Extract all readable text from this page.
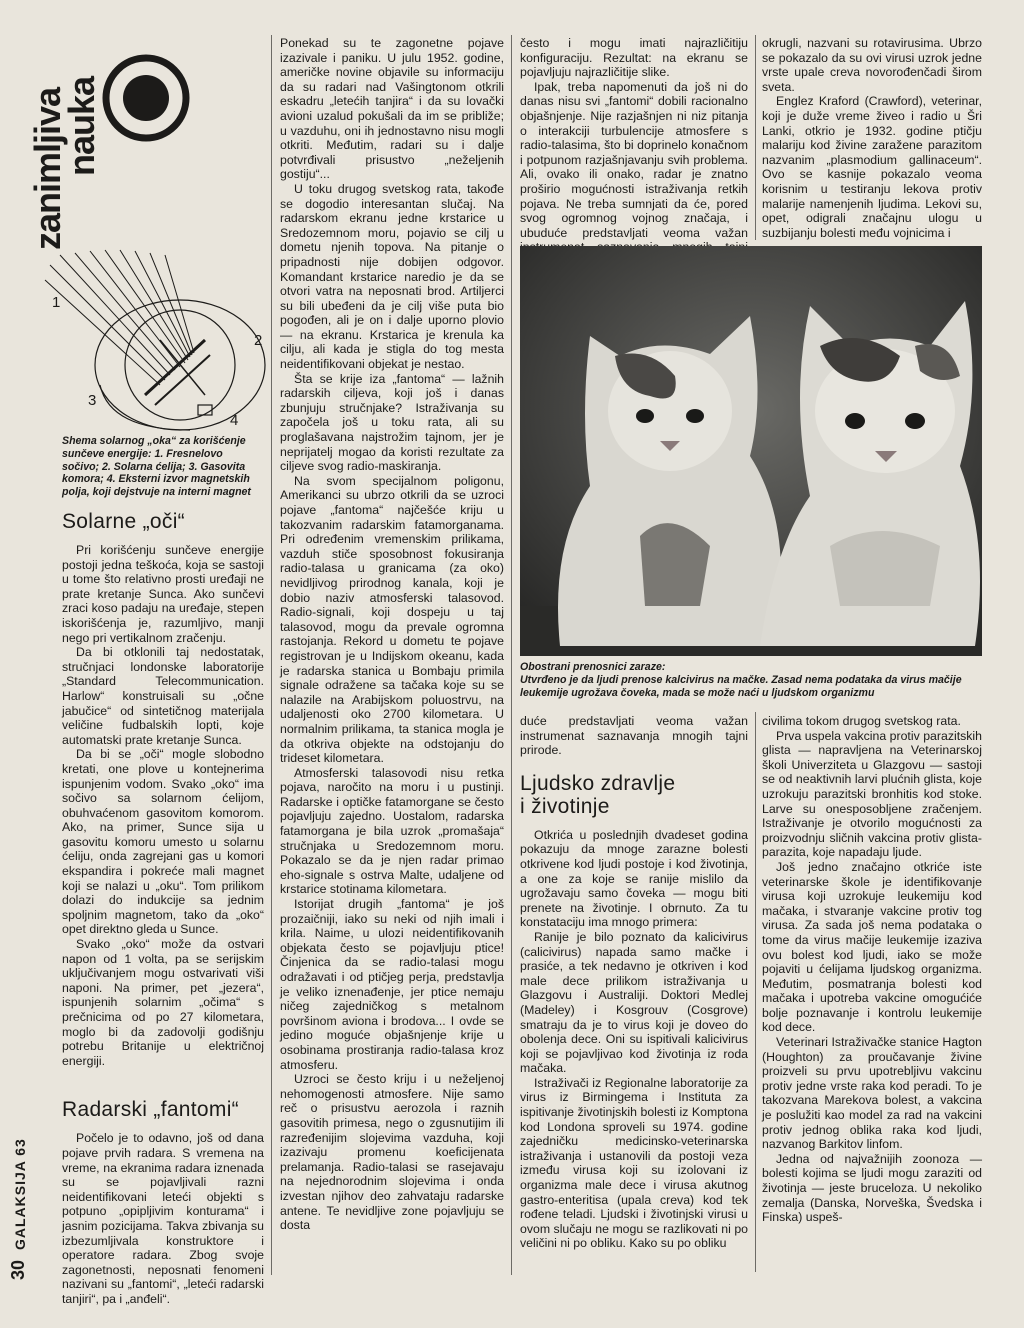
zanimljiva
nauka
1
2
3
4
Shema solarnog „oka“ za korišćenje sunčeve energije: 1. Fresnelovo sočivo; 2. Solarna ćelija; 3. Gasovita komora; 4. Eksterni izvor magnetskih polja, koji dejstvuje na interni magnet
Solarne „oči“

Pri korišćenju sunčeve energije postoji jedna teškoća, koja se sastoji u tome što relativno prosti uređaji ne prate kretanje Sunca. Ako sunčevi zraci koso padaju na uređaje, stepen iskorišćenja je, razumljivo, manji nego pri vertikalnom zračenju.

Da bi otklonili taj nedostatak, stručnjaci londonske laboratorije „Standard Telecommunication. Harlow“ konstruisali su „očne jabučice“ od sintetičnog materijala veličine fudbalskih lopti, koje automatski prate kretanje Sunca.

Da bi se „oči“ mogle slobodno kretati, one plove u kontejnerima ispunjenim vodom. Svako „oko“ ima sočivo sa solarnom ćelijom, obuhvaćenom gasovitom komorom. Ako, na primer, Sunce sija u gasovitu komoru umesto u solarnu ćeliju, onda zagrejani gas u komori ekspandira i pokreće mali magnet koji se nalazi u „oku“. Tom prilikom dolazi do indukcije sa jednim spoljnim magnetom, tako da „oko“ opet direktno gleda u Sunce.

Svako „oko“ može da ostvari napon od 1 volta, pa se serijskim uključivanjem mogu ostvarivati viši naponi. Na primer, pet „jezera“, ispunjenih solarnim „očima“ s prečnicima od po 27 kilometara, moglo bi da zadovolji godišnju potrebu Britanije u električnoj energiji.

Radarski „fantomi“

Počelo je to odavno, još od dana pojave prvih radara. S vremena na vreme, na ekranima radara iznenada su se pojavljivali razni neidentifikovani leteći objekti s potpuno „opipljivim konturama“ i jasnim pozicijama. Takva zbivanja su izbezumljivala konstruktore i operatore radara. Zbog svoje zagonetnosti, neposnati fenomeni nazivani su „fantomi“, „leteći radarski tanjiri“, pa i „anđeli“.

Ponekad su te zagonetne pojave izazivale i paniku. U julu 1952. godine, američke novine objavile su informaciju da su radari nad Vašingtonom otkrili eskadru „letećih tanjira“ i da su lovački avioni uzalud pokušali da im se približe; u vazduhu, oni ih jednostavno nisu mogli otkriti. Međutim, radari su i dalje potvrđivali prisustvo „neželjenih gostiju“...

U toku drugog svetskog rata, takođe se dogodio interesantan slučaj. Na radarskom ekranu jedne krstarice u Sredozemnom moru, pojavio se cilj u dometu njenih topova. Na pitanje o pripadnosti nije dobijen odgovor. Komandant krstarice naredio je da se otvori vatra na neposnati brod. Artiljerci su bili ubeđeni da je cilj više puta bio pogođen, ali je on i dalje uporno plovio — na ekranu. Krstarica je krenula ka cilju, ali kada je stigla do tog mesta neidentifikovani objekat je nestao.

Šta se krije iza „fantoma“ — lažnih radarskih ciljeva, koji još i danas zbunjuju stručnjake? Istraživanja su započela još u toku rata, ali su proglašavana najstrožim tajnom, jer je neprijatelj mogao da koristi rezultate za ciljeve svog radio-maskiranja.

Na svom specijalnom poligonu, Amerikanci su ubrzo otkrili da se uzroci pojave „fantoma“ najčešće kriju u takozvanim radarskim fatamorganama. Pri određenim vremenskim prilikama, vazduh stiče sposobnost fokusiranja radio-talasa u granicama (za oko) nevidljivog prirodnog kanala, koji je dobio naziv atmosferski talasovod. Radio-signali, koji dospeju u taj talasovod, mogu da prevale ogromna rastojanja. Rekord u dometu te pojave registrovan je u Indijskom okeanu, kada je radarska stanica u Bombaju primila signale odražene sa tačaka koje su se nalazile na Arabijskom poluostrvu, na udaljenosti oko 2700 kilometara. U normalnim prilikama, ta stanica mogla je da otkriva objekte na odstojanju do trideset kilometara.

Atmosferski talasovodi nisu retka pojava, naročito na moru i u pustinji. Radarske i optičke fatamorgane se često pojavljuju zajedno. Uostalom, radarska fatamorgana je bila uzrok „promašaja“ stručnjaka u Sredozemnom moru. Pokazalo se da je njen radar primao eho-signale s ostrva Malte, udaljene od krstarice stotinama kilometara.

Istorijat drugih „fantoma“ je još prozaičniji, iako su neki od njih imali i krila. Naime, u ulozi neidentifikovanih objekata često se pojavljuju ptice! Činjenica da se radio-talasi mogu odražavati i od ptičjeg perja, predstavlja je veliko iznenađenje, jer ptice nemaju ničeg zajedničkog s metalnom površinom aviona i brodova... I ovde se jedino moguće objašnjenje krije u osobinama prostiranja radio-talasa kroz atmosferu.

Uzroci se često kriju i u neželjenoj nehomogenosti atmosfere. Nije samo reč o prisustvu aerozola i raznih gasovitih primesa, nego o zgusnutijim ili razređenijim slojevima vazduha, koji izazivaju promenu koeficijenata prelamanja. Radio-talasi se rasejavaju na nejednorodnim slojevima i onda izvestan njihov deo zahvataju radarske antene. Te nevidljive zone pojavljuju se dosta

često i mogu imati najrazličitiju konfiguraciju. Rezultat: na ekranu se pojavljuju najrazličitije slike.

Ipak, treba napomenuti da još ni do danas nisu svi „fantomi“ dobili racionalno objašnjenje. Nije razjašnjen ni niz pitanja o interakciji turbulencije atmosfere s radio-talasima, što bi doprinelo konačnom i potpunom razjašnjavanju svih problema. Ali, ovako ili onako, radar je znatno proširio mogućnosti istraživanja retkih pojava. Ne treba sumnjati da će, pored svog ogromnog vojnog značaja, i ubuduće predstavljati veoma važan

okrugli, nazvani su rotavirusima. Ubrzo se pokazalo da su ovi virusi uzrok jedne vrste upale creva novorođenčadi širom sveta.

Englez Kraford (Crawford), veterinar, koji je duže vreme živeo i radio u Šri Lanki, otkrio je 1932. godine ptičju malariju kod živine zaražene parazitom nazvanim „plasmodium gallinaceum“. Ovo se kasnije pokazalo veoma korisnim u testiranju lekova protiv malarije namenjenih ljudima. Lekovi su, opet, odigrali značajnu ulogu u suzbijanju bolesti među vojnicima i

Obostrani prenosnici zaraze:
Utvrđeno je da ljudi prenose kalcivirus na mačke. Zasad nema podataka da virus mačije leukemije ugrožava čoveka, mada se može naći u ljudskom organizmu

duće predstavljati veoma važan instrumenat saznavanja mnogih tajni prirode.

Ljudsko zdravlje
i životinje

Otkrića u poslednjih dvadeset godina pokazuju da mnoge zarazne bolesti otkrivene kod ljudi postoje i kod životinja, a one za koje se ranije mislilo da ugrožavaju samo čoveka — mogu biti prenete na životinje. I obrnuto. Za tu konstataciju ima mnogo primera:

Ranije je bilo poznato da kalicivirus (calicivirus) napada samo mačke i prasiće, a tek nedavno je otkriven i kod male dece prilikom istraživanja u Glazgovu i Australiji. Doktori Medlej (Madeley) i Kosgrouv (Cosgrove) smatraju da je to virus koji je doveo do obolenja dece. Oni su ispitivali kalicivirus koji se pojavljivao kod životinja iz roda mačaka.

Istraživači iz Regionalne laboratorije za virus iz Birmingema i Instituta za ispitivanje životinjskih bolesti iz Komptona kod Londona sproveli su 1974. godine zajedničku medicinsko-veterinarska istraživanja i ustanovili da postoji veza između virusa koji su izolovani iz organizma male dece i virusa akutnog gastro-enteritisa (upala creva) kod tek rođene teladi. Ljudski i životinjski virusi u ovom slučaju ne mogu se razlikovati ni po veličini ni po obliku. Kako su po obliku

civilima tokom drugog svetskog rata.

Prva uspela vakcina protiv parazitskih glista — napravljena na Veterinarskoj školi Univerziteta u Glazgovu — sastoji se od neaktivnih larvi plućnih glista, koje uzrokuju parazitski bronhitis kod stoke. Larve su onesposobljene zračenjem. Istraživanje je otvorilo mogućnosti za proizvodnju sličnih vakcina protiv glista-parazita, koje napadaju ljude.

Još jedno značajno otkriće iste veterinarske škole je identifikovanje virusa koji uzrokuje leukemiju kod mačaka, i stvaranje vakcine protiv tog virusa. Za sada još nema podataka o tome da virus mačije leukemije izaziva ovu bolest kod ljudi, iako se može pojaviti u ćelijama ljudskog organizma. Međutim, posmatranja bolesti kod mačaka i upotreba vakcine omogućiće bolje poznavanje i kontrolu leukemije kod dece.

Veterinari Istraživačke stanice Hagton (Houghton) za proučavanje živine proizveli su prvu upotrebljivu vakcinu protiv jedne vrste raka kod peradi. To je takozvana Marekova bolest, a vakcina je poslužiti kao model za rad na vakcini protiv jednog oblika raka kod ljudi, nazvanog Barkitov linfom.

Jedna od najvažnijih zoonoza — bolesti kojima se ljudi mogu zaraziti od životinja — jeste bruceloza. U nekoliko zemalja (Danska, Norveška, Švedska i Finska) uspeš-

GALAKSIJA 63
30
